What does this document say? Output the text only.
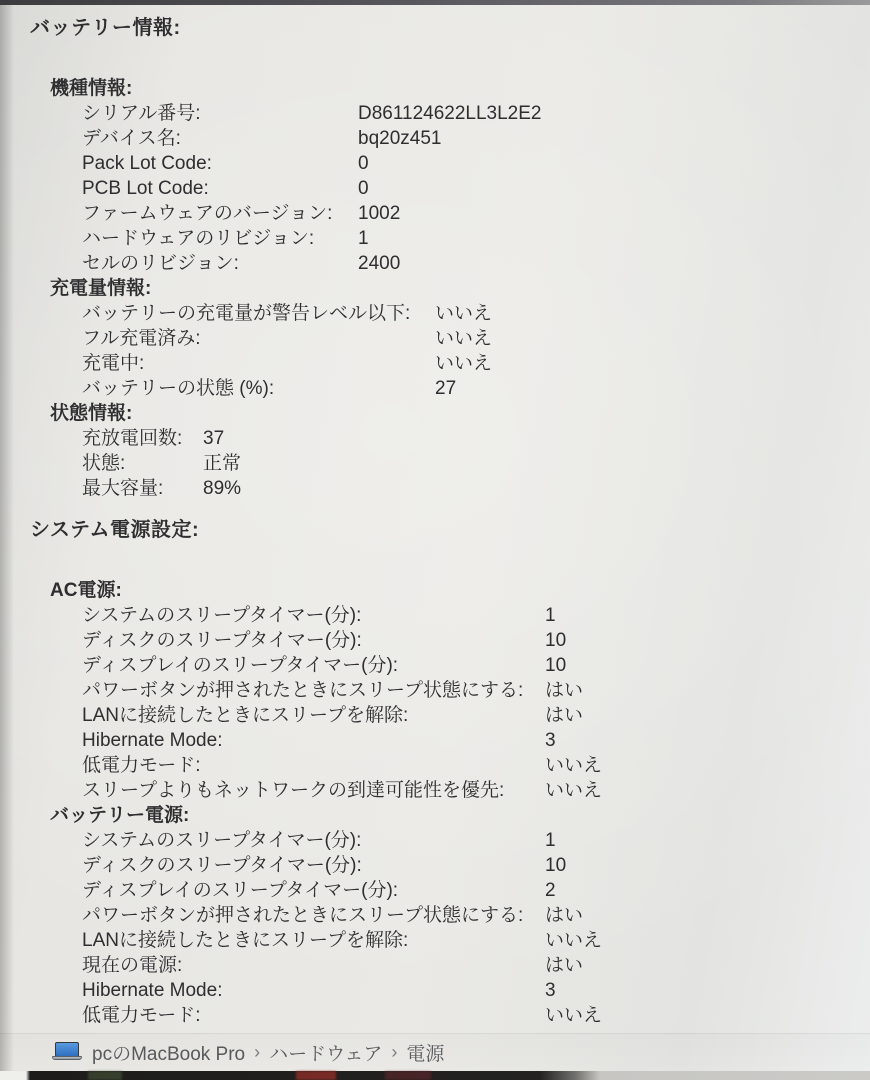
バッテリー情報:
機種情報:
シリアル番号:	D861124622LL3L2E2
デバイス名:	bq20z451
Pack Lot Code:	0
PCB Lot Code:	0
ファームウェアのバージョン: 1002
ハードウェアのリビジョン: 1
セルのリビジョン:	2400
充電量情報:
バッテリーの充電量が警告レベル以下: いいえ
フル充電済み:	いいえ
充電中:	いいえ
バッテリーの状態 (%):	27
状態情報:
充放電回数: 37
状態:	正常
最大容量: 89%
システム電源設定:
AC電源:
システムのスリープタイマー(分):	1
ディスクのスリープタイマー(分):	10
ディスプレイのスリープタイマー(分):	10
パワーボタンが押されたときにスリープ状態にする: はい
LANに接続したときにスリープを解除:	はい
Hibernate Mode:	3
低電力モード:	いいえ
スリープよりもネットワークの到達可能性を優先: いいえ
バッテリー電源:
システムのスリープタイマー(分):	1
ディスクのスリープタイマー(分):	10
ディスプレイのスリープタイマー(分):	2
パワーボタンが押されたときにスリープ状態にする: はい
LANに接続したときにスリープを解除:	いいえ
現在の電源:	はい
Hibernate Mode:	3
低電力モード:	いいえ
pcのMacBook Pro › ハードウェア › 電源
